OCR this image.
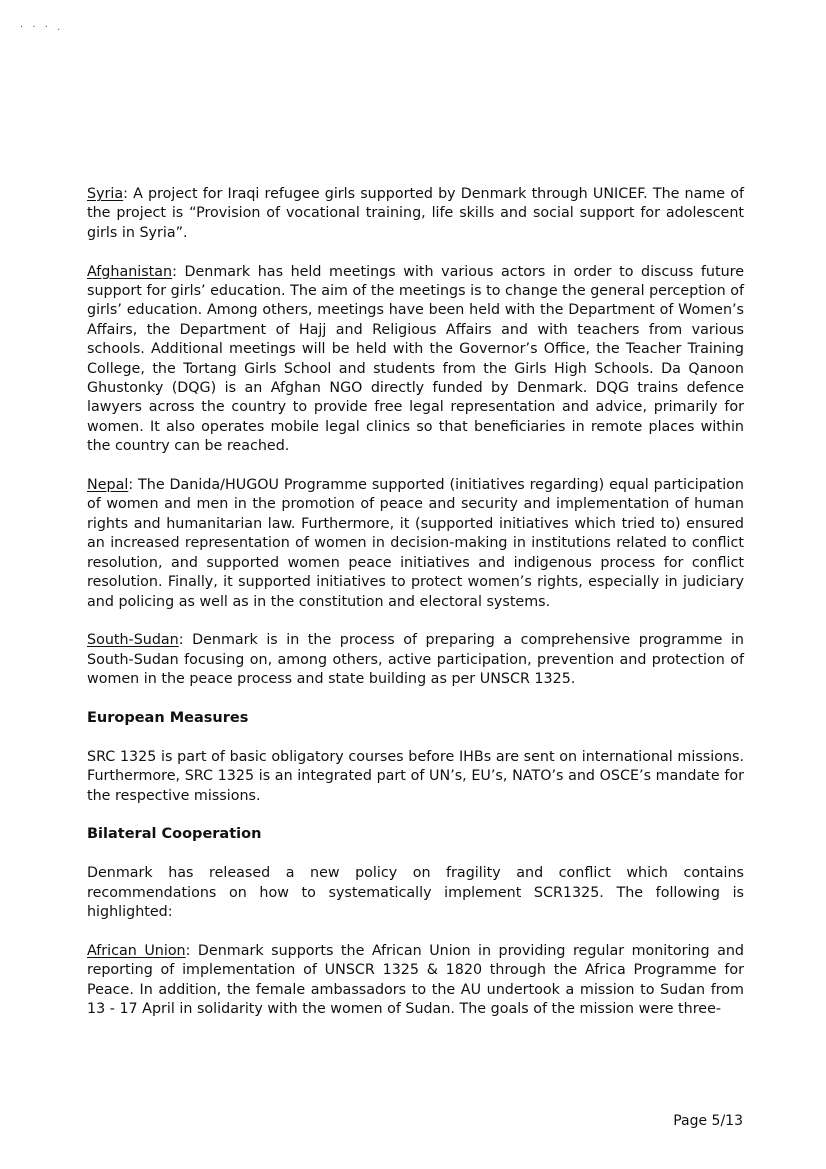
· · · .

Syria: A project for Iraqi refugee girls supported by Denmark through UNICEF. The name of the project is “Provision of vocational training, life skills and social support for adolescent girls in Syria”.

Afghanistan: Denmark has held meetings with various actors in order to discuss future support for girls’ education. The aim of the meetings is to change the general perception of girls’ education. Among others, meetings have been held with the Department of Women’s Affairs, the Department of Hajj and Religious Affairs and with teachers from various schools. Additional meetings will be held with the Governor’s Office, the Teacher Training College, the Tortang Girls School and students from the Girls High Schools. Da Qanoon Ghustonky (DQG) is an Afghan NGO directly funded by Denmark. DQG trains defence lawyers across the country to provide free legal representation and advice, primarily for women. It also operates mobile legal clinics so that beneficiaries in remote places within the country can be reached.

Nepal: The Danida/HUGOU Programme supported (initiatives regarding) equal participation of women and men in the promotion of peace and security and implementation of human rights and humanitarian law. Furthermore, it (supported initiatives which tried to) ensured an increased representation of women in decision-making in institutions related to conflict resolution, and supported women peace initiatives and indigenous process for conflict resolution. Finally, it supported initiatives to protect women’s rights, especially in judiciary and policing as well as in the constitution and electoral systems.

South-Sudan: Denmark is in the process of preparing a comprehensive programme in South-Sudan focusing on, among others, active participation, prevention and protection of women in the peace process and state building as per UNSCR 1325.

European Measures

SRC 1325 is part of basic obligatory courses before IHBs are sent on international missions. Furthermore, SRC 1325 is an integrated part of UN’s, EU’s, NATO’s and OSCE’s mandate for the respective missions.

Bilateral Cooperation

Denmark has released a new policy on fragility and conflict which contains recommendations on how to systematically implement SCR1325. The following is highlighted:

African Union: Denmark supports the African Union in providing regular monitoring and reporting of implementation of UNSCR 1325 & 1820 through the Africa Programme for Peace. In addition, the female ambassadors to the AU undertook a mission to Sudan from 13 - 17 April in solidarity with the women of Sudan. The goals of the mission were three-

Page 5/13
